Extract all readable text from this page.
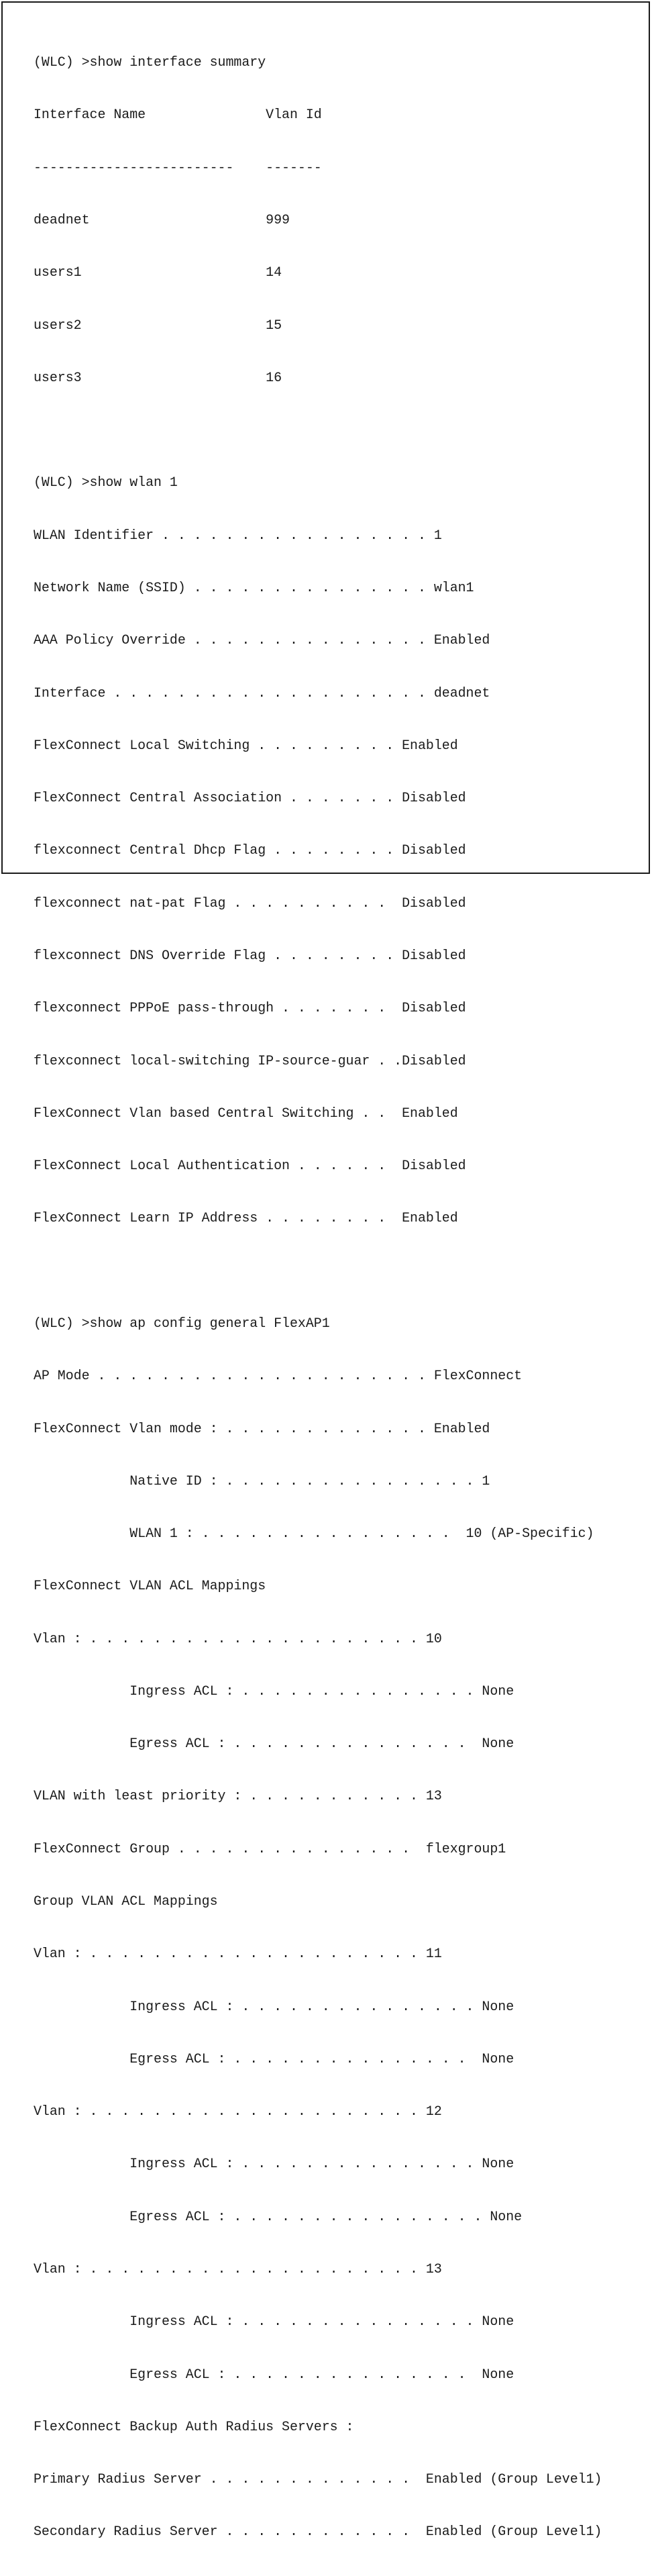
(WLC) >show interface summary

Interface Name               Vlan Id

-------------------------    -------

deadnet                      999

users1                       14

users2                       15

users3                       16

(WLC) >show wlan 1

WLAN Identifier . . . . . . . . . . . . . . . . . 1

Network Name (SSID) . . . . . . . . . . . . . . . wlan1

AAA Policy Override . . . . . . . . . . . . . . . Enabled

Interface . . . . . . . . . . . . . . . . . . . . deadnet

FlexConnect Local Switching . . . . . . . . . Enabled

FlexConnect Central Association . . . . . . . Disabled

flexconnect Central Dhcp Flag . . . . . . . . Disabled

flexconnect nat-pat Flag . . . . . . . . . .  Disabled

flexconnect DNS Override Flag . . . . . . . . Disabled

flexconnect PPPoE pass-through . . . . . . .  Disabled

flexconnect local-switching IP-source-guar . .Disabled

FlexConnect Vlan based Central Switching . .  Enabled

FlexConnect Local Authentication . . . . . .  Disabled

FlexConnect Learn IP Address . . . . . . . .  Enabled

(WLC) >show ap config general FlexAP1

AP Mode . . . . . . . . . . . . . . . . . . . . . FlexConnect

FlexConnect Vlan mode : . . . . . . . . . . . . . Enabled

Native ID : . . . . . . . . . . . . . . . . 1

WLAN 1 : . . . . . . . . . . . . . . . .  10 (AP-Specific)

FlexConnect VLAN ACL Mappings

Vlan : . . . . . . . . . . . . . . . . . . . . . 10

Ingress ACL : . . . . . . . . . . . . . . . None

Egress ACL : . . . . . . . . . . . . . . .  None

VLAN with least priority : . . . . . . . . . . . 13

FlexConnect Group . . . . . . . . . . . . . . .  flexgroup1

Group VLAN ACL Mappings

Vlan : . . . . . . . . . . . . . . . . . . . . . 11

Ingress ACL : . . . . . . . . . . . . . . . None

Egress ACL : . . . . . . . . . . . . . . .  None

Vlan : . . . . . . . . . . . . . . . . . . . . . 12

Ingress ACL : . . . . . . . . . . . . . . . None

Egress ACL : . . . . . . . . . . . . . . . . None

Vlan : . . . . . . . . . . . . . . . . . . . . . 13

Ingress ACL : . . . . . . . . . . . . . . . None

Egress ACL : . . . . . . . . . . . . . . .  None

FlexConnect Backup Auth Radius Servers :

Primary Radius Server . . . . . . . . . . . . .  Enabled (Group Level1)

Secondary Radius Server . . . . . . . . . . . .  Enabled (Group Level1)
